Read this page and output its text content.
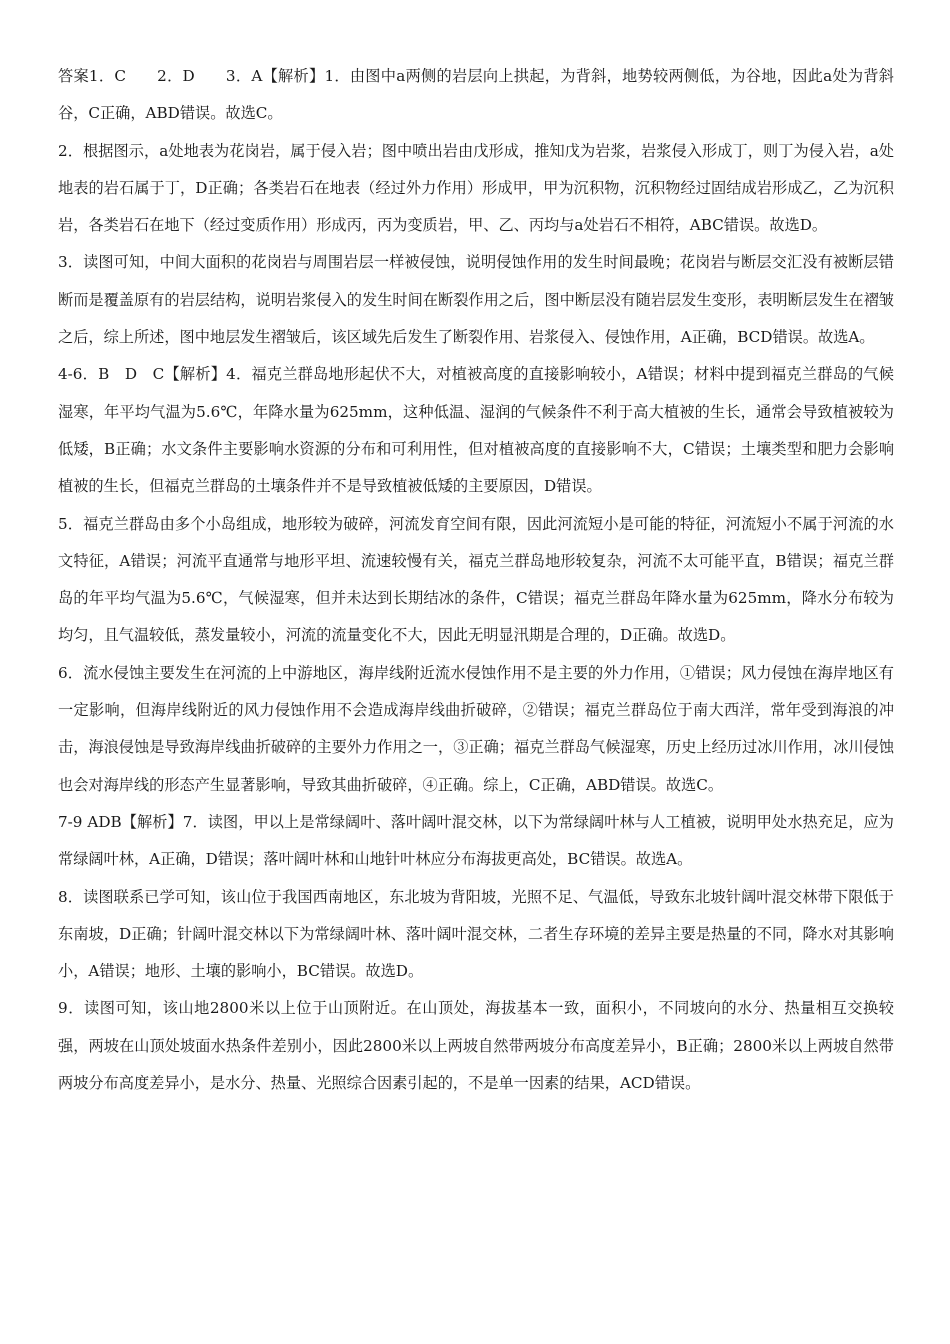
答案1．C　　2．D　　3．A【解析】1．由图中a两侧的岩层向上拱起，为背斜，地势较两侧低，为谷地，因此a处为背斜谷，C正确，ABD错误。故选C。

2．根据图示，a处地表为花岗岩，属于侵入岩；图中喷出岩由戊形成，推知戊为岩浆，岩浆侵入形成丁，则丁为侵入岩，a处地表的岩石属于丁，D正确；各类岩石在地表（经过外力作用）形成甲，甲为沉积物，沉积物经过固结成岩形成乙，乙为沉积岩，各类岩石在地下（经过变质作用）形成丙，丙为变质岩，甲、乙、丙均与a处岩石不相符，ABC错误。故选D。

3．读图可知，中间大面积的花岗岩与周围岩层一样被侵蚀，说明侵蚀作用的发生时间最晚；花岗岩与断层交汇没有被断层错断而是覆盖原有的岩层结构，说明岩浆侵入的发生时间在断裂作用之后，图中断层没有随岩层发生变形，表明断层发生在褶皱之后，综上所述，图中地层发生褶皱后，该区域先后发生了断裂作用、岩浆侵入、侵蚀作用，A正确，BCD错误。故选A。

4-6．B　D　C【解析】4．福克兰群岛地形起伏不大，对植被高度的直接影响较小，A错误；材料中提到福克兰群岛的气候湿寒，年平均气温为5.6℃，年降水量为625mm，这种低温、湿润的气候条件不利于高大植被的生长，通常会导致植被较为低矮，B正确；水文条件主要影响水资源的分布和可利用性，但对植被高度的直接影响不大，C错误；土壤类型和肥力会影响植被的生长，但福克兰群岛的土壤条件并不是导致植被低矮的主要原因，D错误。

5．福克兰群岛由多个小岛组成，地形较为破碎，河流发育空间有限，因此河流短小是可能的特征，河流短小不属于河流的水文特征，A错误；河流平直通常与地形平坦、流速较慢有关，福克兰群岛地形较复杂，河流不太可能平直，B错误；福克兰群岛的年平均气温为5.6℃，气候湿寒，但并未达到长期结冰的条件，C错误；福克兰群岛年降水量为625mm，降水分布较为均匀，且气温较低，蒸发量较小，河流的流量变化不大，因此无明显汛期是合理的，D正确。故选D。

6．流水侵蚀主要发生在河流的上中游地区，海岸线附近流水侵蚀作用不是主要的外力作用，①错误；风力侵蚀在海岸地区有一定影响，但海岸线附近的风力侵蚀作用不会造成海岸线曲折破碎，②错误；福克兰群岛位于南大西洋，常年受到海浪的冲击，海浪侵蚀是导致海岸线曲折破碎的主要外力作用之一，③正确；福克兰群岛气候湿寒，历史上经历过冰川作用，冰川侵蚀也会对海岸线的形态产生显著影响，导致其曲折破碎，④正确。综上，C正确，ABD错误。故选C。

7-9 ADB【解析】7．读图，甲以上是常绿阔叶、落叶阔叶混交林，以下为常绿阔叶林与人工植被，说明甲处水热充足，应为常绿阔叶林，A正确，D错误；落叶阔叶林和山地针叶林应分布海拔更高处，BC错误。故选A。

8．读图联系已学可知，该山位于我国西南地区，东北坡为背阳坡，光照不足、气温低，导致东北坡针阔叶混交林带下限低于东南坡，D正确；针阔叶混交林以下为常绿阔叶林、落叶阔叶混交林，二者生存环境的差异主要是热量的不同，降水对其影响小，A错误；地形、土壤的影响小，BC错误。故选D。

9．读图可知，该山地2800米以上位于山顶附近。在山顶处，海拔基本一致，面积小，不同坡向的水分、热量相互交换较强，两坡在山顶处坡面水热条件差别小，因此2800米以上两坡自然带两坡分布高度差异小，B正确；2800米以上两坡自然带两坡分布高度差异小，是水分、热量、光照综合因素引起的，不是单一因素的结果，ACD错误。
